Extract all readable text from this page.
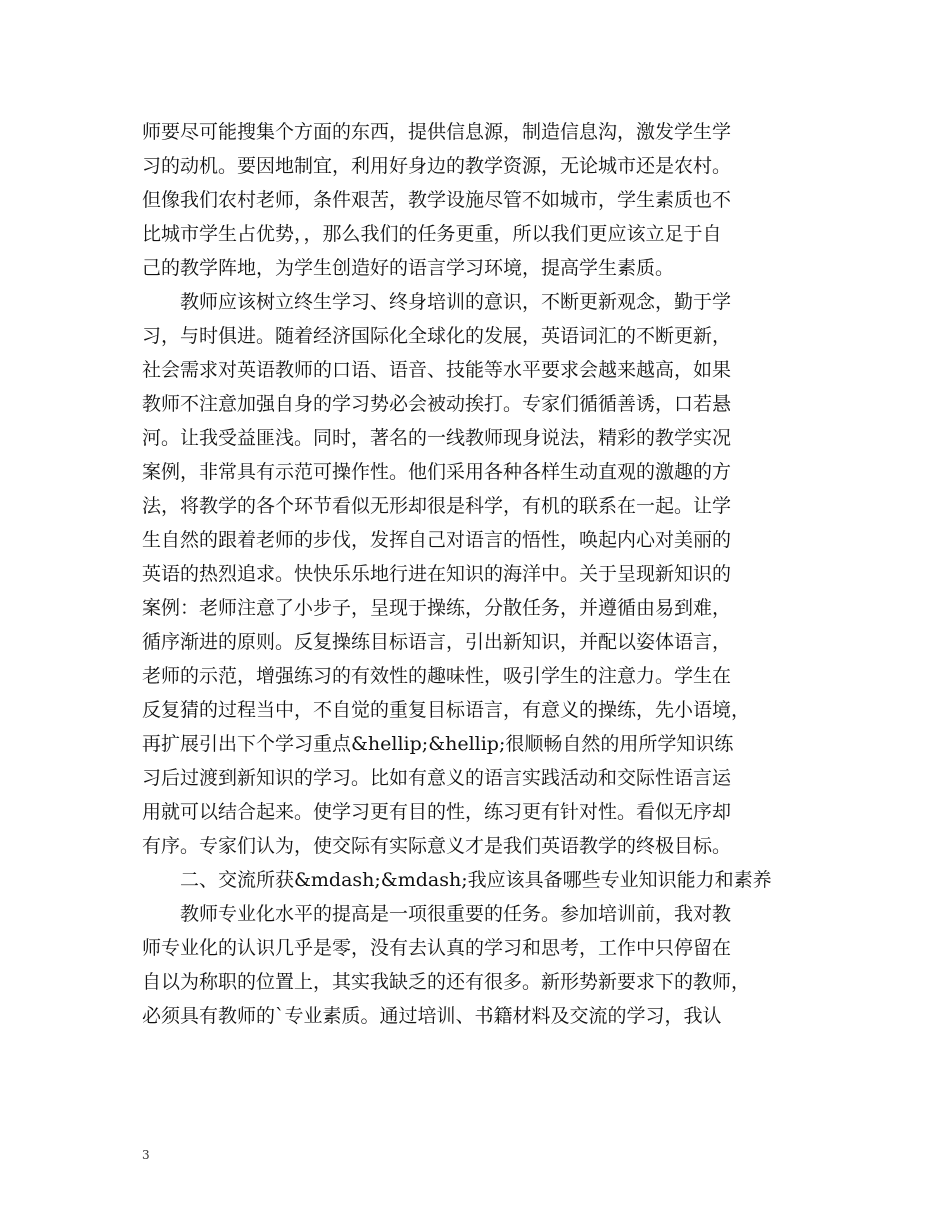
师要尽可能搜集个方面的东西，提供信息源，制造信息沟，激发学生学
习的动机。要因地制宜，利用好身边的教学资源，无论城市还是农村。
但像我们农村老师，条件艰苦，教学设施尽管不如城市，学生素质也不
比城市学生占优势，，那么我们的任务更重，所以我们更应该立足于自
己的教学阵地，为学生创造好的语言学习环境，提高学生素质。
　　教师应该树立终生学习、终身培训的意识，不断更新观念，勤于学
习，与时俱进。随着经济国际化全球化的发展，英语词汇的不断更新，
社会需求对英语教师的口语、语音、技能等水平要求会越来越高，如果
教师不注意加强自身的学习势必会被动挨打。专家们循循善诱，口若悬
河。让我受益匪浅。同时，著名的一线教师现身说法，精彩的教学实况
案例，非常具有示范可操作性。他们采用各种各样生动直观的激趣的方
法，将教学的各个环节看似无形却很是科学，有机的联系在一起。让学
生自然的跟着老师的步伐，发挥自己对语言的悟性，唤起内心对美丽的
英语的热烈追求。快快乐乐地行进在知识的海洋中。关于呈现新知识的
案例：老师注意了小步子，呈现于操练，分散任务，并遵循由易到难，
循序渐进的原则。反复操练目标语言，引出新知识，并配以姿体语言，
老师的示范，增强练习的有效性的趣味性，吸引学生的注意力。学生在
反复猜的过程当中，不自觉的重复目标语言，有意义的操练，先小语境，
再扩展引出下个学习重点&hellip;&hellip;很顺畅自然的用所学知识练
习后过渡到新知识的学习。比如有意义的语言实践活动和交际性语言运
用就可以结合起来。使学习更有目的性，练习更有针对性。看似无序却
有序。专家们认为，使交际有实际意义才是我们英语教学的终极目标。
　　二、交流所获&mdash;&mdash;我应该具备哪些专业知识能力和素养
　　教师专业化水平的提高是一项很重要的任务。参加培训前，我对教
师专业化的认识几乎是零，没有去认真的学习和思考，工作中只停留在
自以为称职的位置上，其实我缺乏的还有很多。新形势新要求下的教师，
必须具有教师的`专业素质。通过培训、书籍材料及交流的学习，我认
3
